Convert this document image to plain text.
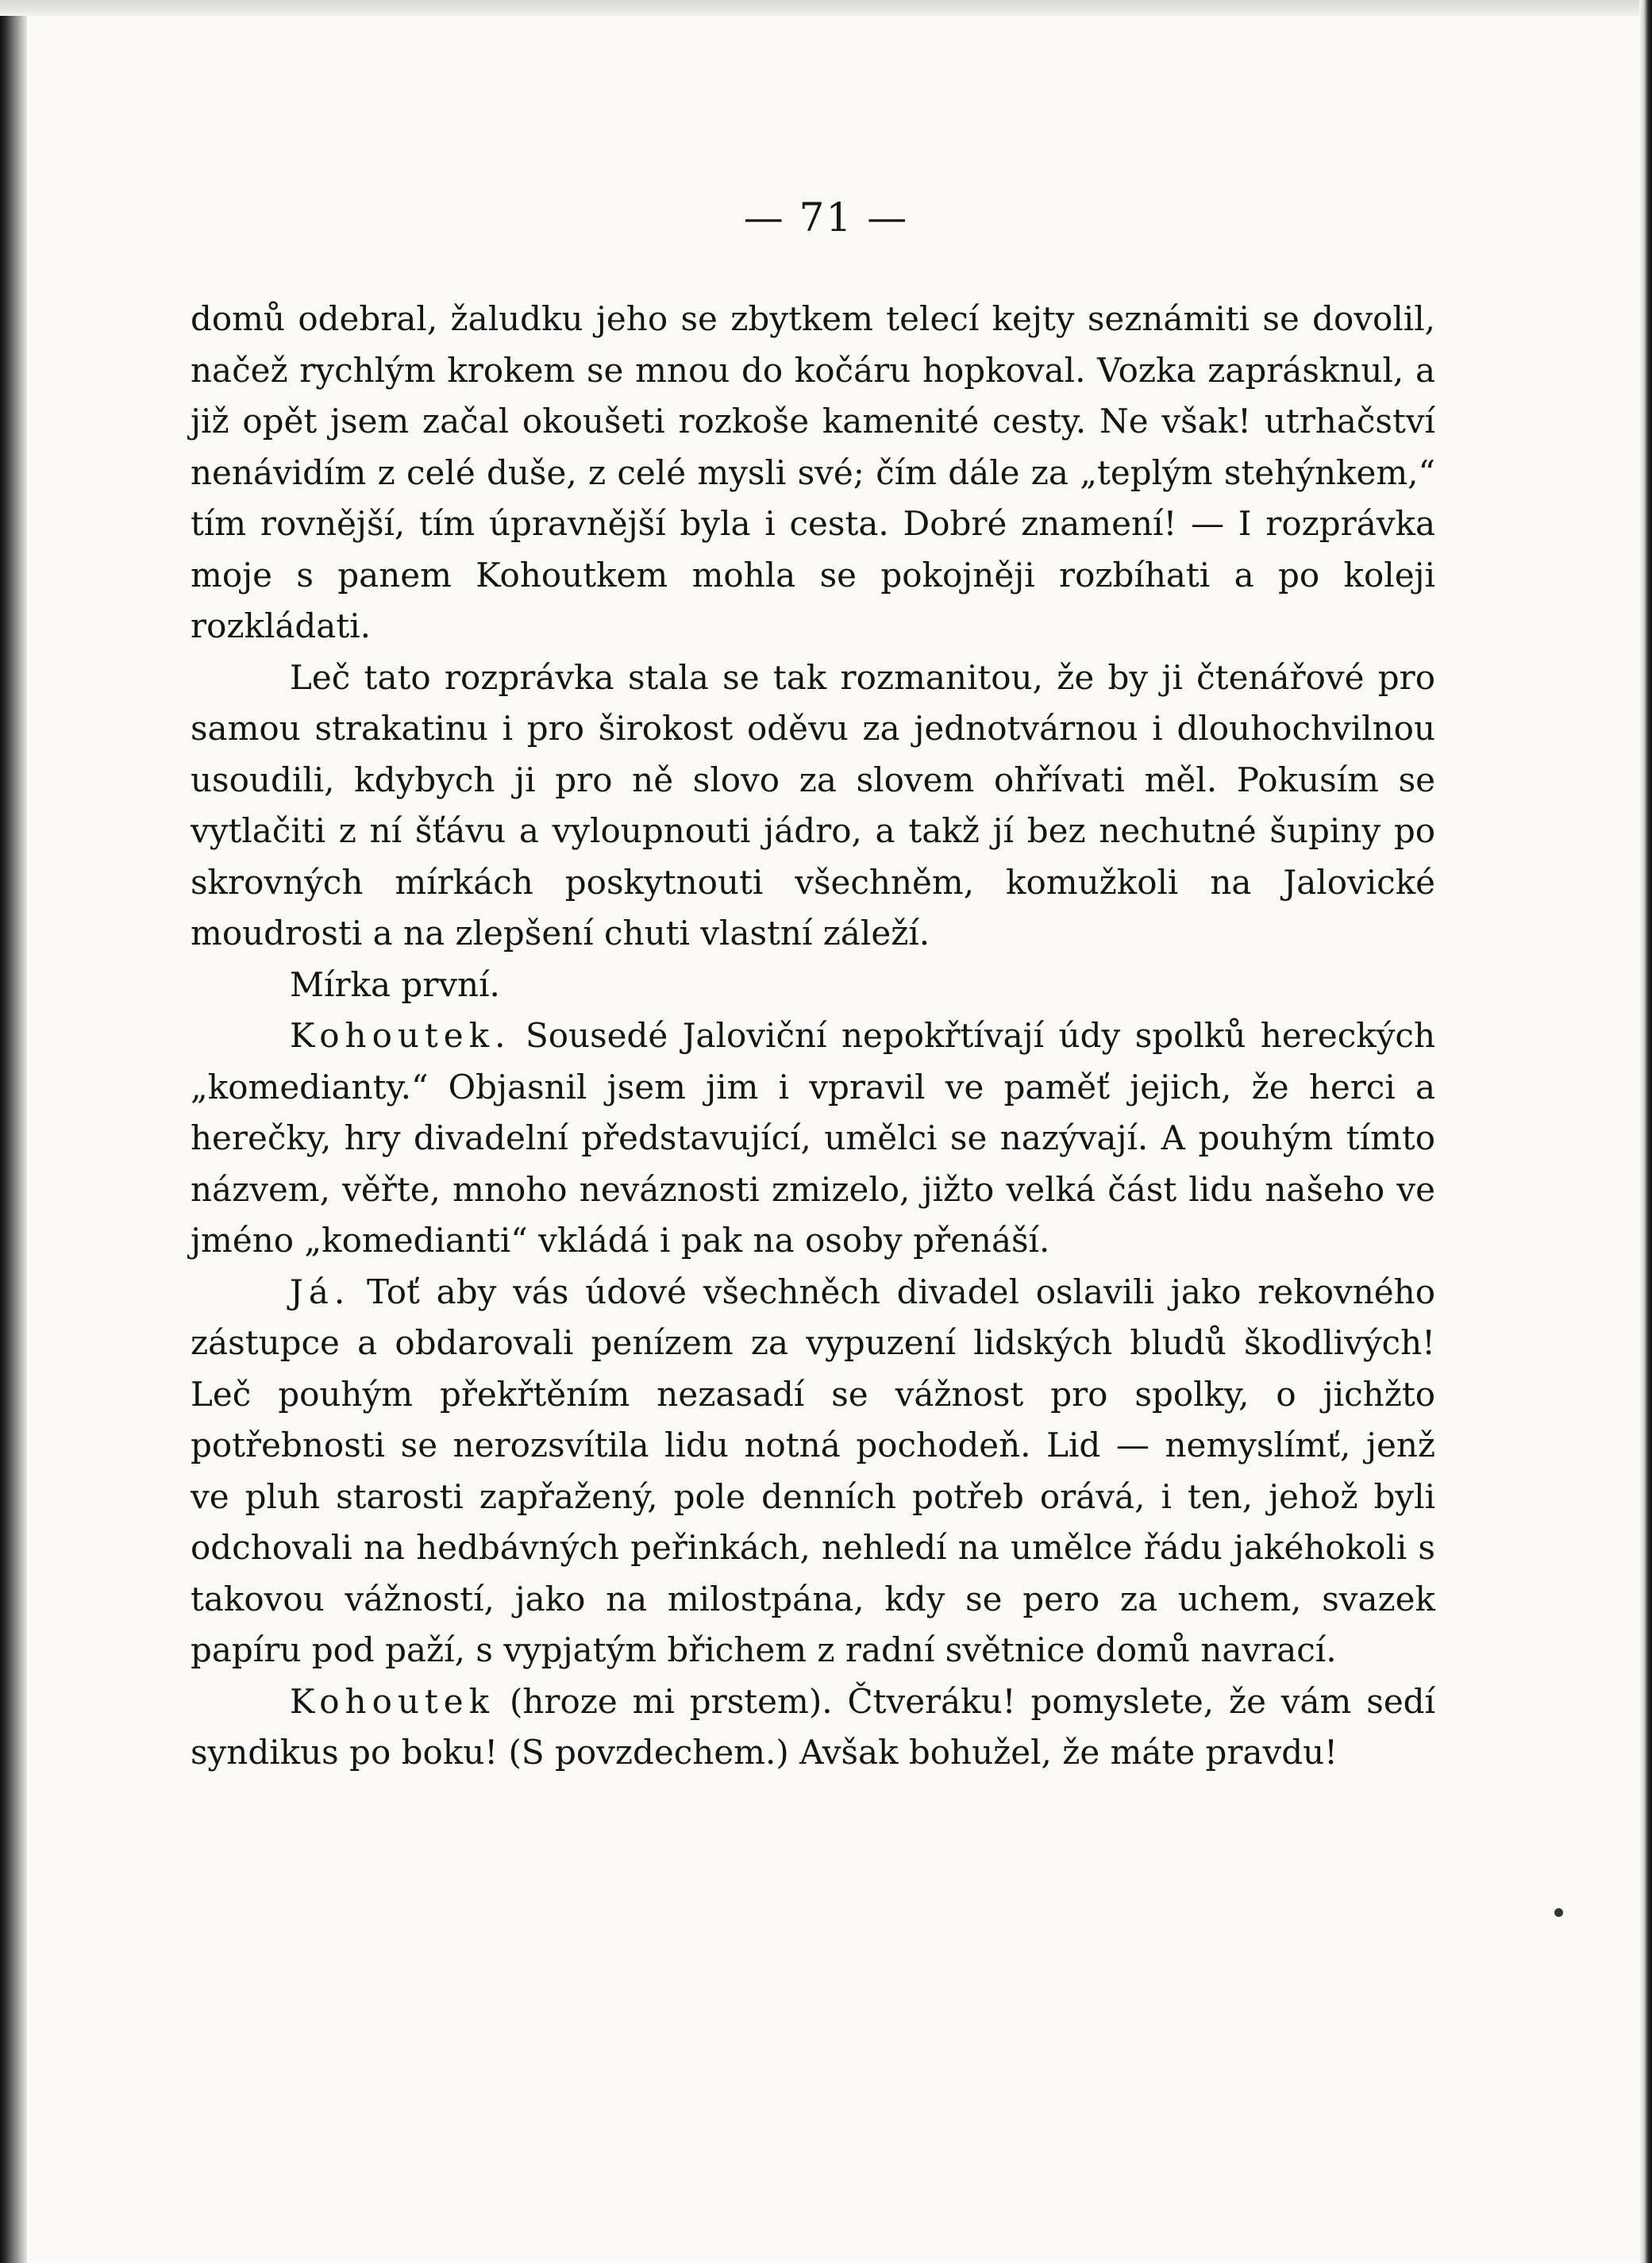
— 71 —

domů odebral, žaludku jeho se zbytkem telecí kejty seznámiti se dovolil, načež rychlým krokem se mnou do kočáru hopkoval. Vozka zaprásknul, a již opět jsem začal okoušeti rozkoše kamenité cesty. Ne však! utrhačství nenávidím z celé duše, z celé mysli své; čím dále za „teplým stehýnkem,“ tím rovnější, tím úpravnější byla i cesta. Dobré znamení! — I rozprávka moje s panem Kohoutkem mohla se pokojněji rozbíhati a po koleji rozkládati.

Leč tato rozprávka stala se tak rozmanitou, že by ji čtenářové pro samou strakatinu i pro širokost oděvu za jednotvárnou i dlouhochvilnou usoudili, kdybych ji pro ně slovo za slovem ohřívati měl. Pokusím se vytlačiti z ní šťávu a vyloupnouti jádro, a takž jí bez nechutné šupiny po skrovných mírkách poskytnouti všechněm, komužkoli na Jalovické moudrosti a na zlepšení chuti vlastní záleží.

Mírka první.

Kohoutek. Sousedé Jaloviční nepokřtívají údy spolků hereckých „komedianty.“ Objasnil jsem jim i vpravil ve paměť jejich, že herci a herečky, hry divadelní představující, umělci se nazývají. A pouhým tímto názvem, věřte, mnoho neváznosti zmizelo, jižto velká část lidu našeho ve jméno „komedianti“ vkládá i pak na osoby přenáší.

Já. Toť aby vás údové všechněch divadel oslavili jako rekovného zástupce a obdarovali penízem za vypuzení lidských bludů škodlivých! Leč pouhým překřtěním nezasadí se vážnost pro spolky, o jichžto potřebnosti se nerozsvítila lidu notná pochodeň. Lid — nemyslímť, jenž ve pluh starosti zapřažený, pole denních potřeb orává, i ten, jehož byli odchovali na hedbávných peřinkách, nehledí na umělce řádu jakéhokoli s takovou vážností, jako na milostpána, kdy se pero za uchem, svazek papíru pod paží, s vypjatým břichem z radní světnice domů navrací.

Kohoutek (hroze mi prstem). Čtveráku! pomyslete, že vám sedí syndikus po boku! (S povzdechem.) Avšak bohužel, že máte pravdu!
